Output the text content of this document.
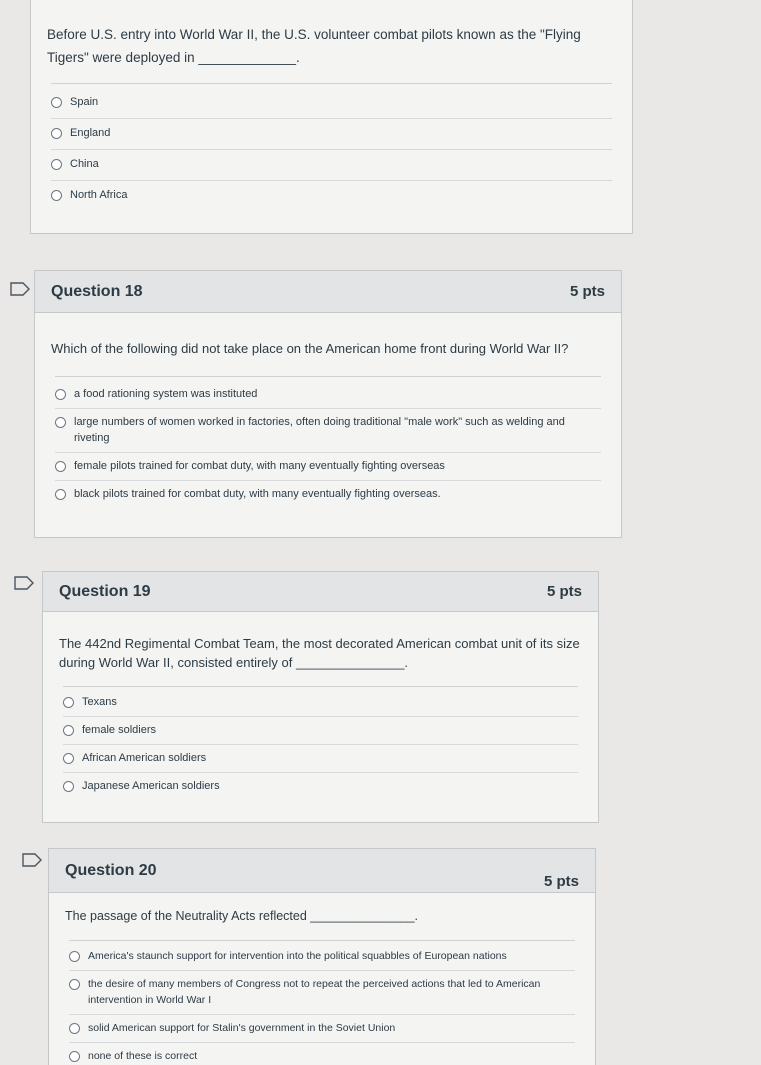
Before U.S. entry into World War II, the U.S. volunteer combat pilots known as the "Flying
Tigers" were deployed in _____________.
Spain
England
China
North Africa
Question 18	5 pts
Which of the following did not take place on the American home front during World War II?
a food rationing system was instituted
large numbers of women worked in factories, often doing traditional "male work" such as welding and riveting
female pilots trained for combat duty, with many eventually fighting overseas
black pilots trained for combat duty, with many eventually fighting overseas.
Question 19	5 pts
The 442nd Regimental Combat Team, the most decorated American combat unit of its size during World War II, consisted entirely of _______________.
Texans
female soldiers
African American soldiers
Japanese American soldiers
Question 20
5 pts
The passage of the Neutrality Acts reflected _______________.
America's staunch support for intervention into the political squabbles of European nations
the desire of many members of Congress not to repeat the perceived actions that led to American intervention in World War I
solid American support for Stalin's government in the Soviet Union
none of these is correct
